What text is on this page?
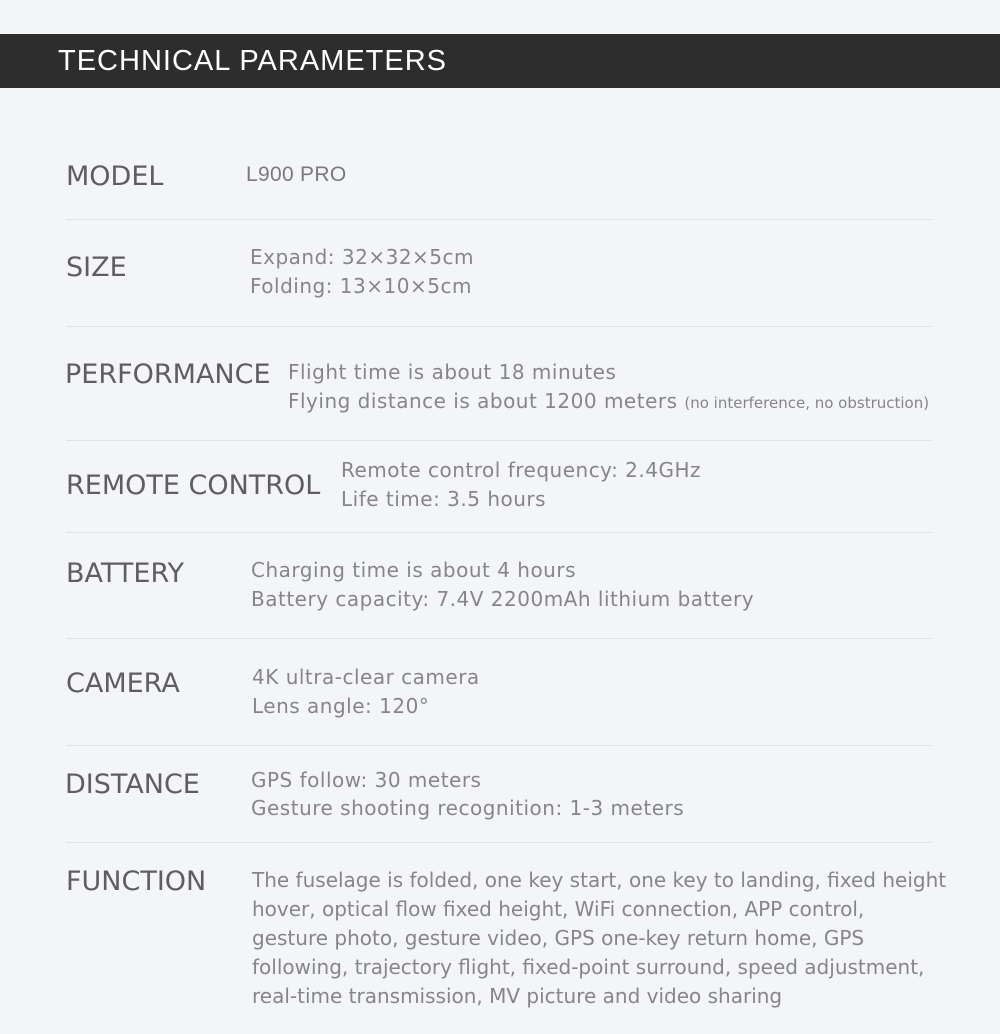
TECHNICAL PARAMETERS
MODEL	L900 PRO
SIZE	Expand: 32×32×5cm
Folding: 13×10×5cm
PERFORMANCE Flight time is about 18 minutes
Flying distance is about 1200 meters (no interference, no obstruction)
REMOTE CONTROL Remote control frequency: 2.4GHz
Life time: 3.5 hours
BATTERY	Charging time is about 4 hours
Battery capacity: 7.4V 2200mAh lithium battery
CAMERA	4K ultra-clear camera
Lens angle: 120°
DISTANCE	GPS follow: 30 meters
Gesture shooting recognition: 1-3 meters
FUNCTION The fuselage is folded, one key start, one key to landing, fixed height
hover, optical flow fixed height, WiFi connection, APP control,
gesture photo, gesture video, GPS one-key return home, GPS
following, trajectory flight, fixed-point surround, speed adjustment,
real-time transmission, MV picture and video sharing
